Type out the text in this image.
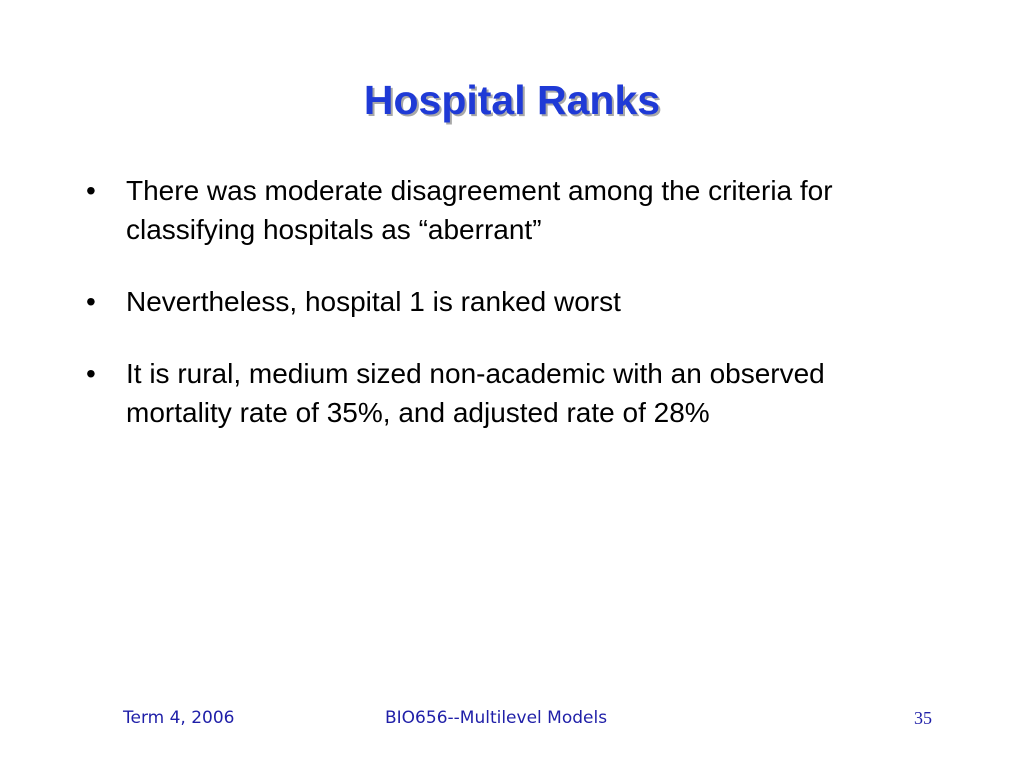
Hospital Ranks
• There was moderate disagreement among the criteria for classifying hospitals as “aberrant”
• Nevertheless, hospital 1 is ranked worst
• It is rural, medium sized non-academic with an observed mortality rate of 35%, and adjusted rate of 28%
Term 4, 2006	BIO656--Multilevel Models	35
